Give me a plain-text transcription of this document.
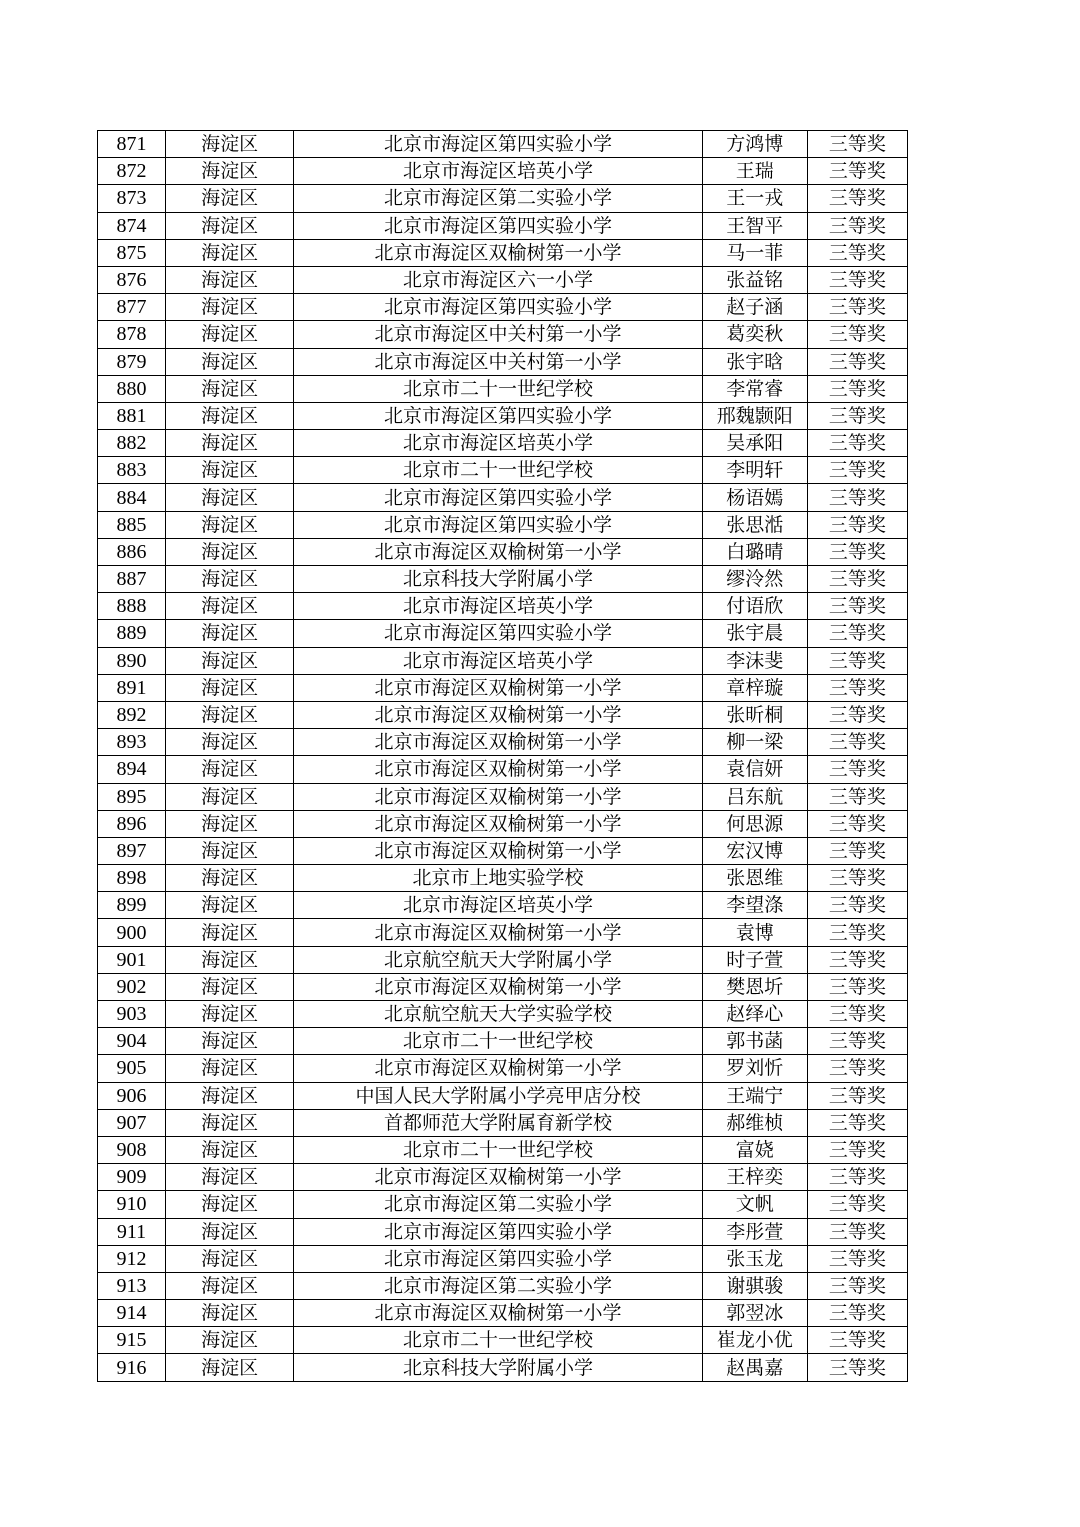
871	海淀区	北京市海淀区第四实验小学	方鸿博	三等奖
872	海淀区	北京市海淀区培英小学	王瑞	三等奖
873	海淀区	北京市海淀区第二实验小学	王一戎	三等奖
874	海淀区	北京市海淀区第四实验小学	王智平	三等奖
875	海淀区	北京市海淀区双榆树第一小学	马一菲	三等奖
876	海淀区	北京市海淀区六一小学	张益铭	三等奖
877	海淀区	北京市海淀区第四实验小学	赵子涵	三等奖
878	海淀区	北京市海淀区中关村第一小学	葛奕秋	三等奖
879	海淀区	北京市海淀区中关村第一小学	张宇晗	三等奖
880	海淀区	北京市二十一世纪学校	李常睿	三等奖
881	海淀区	北京市海淀区第四实验小学	邢魏颢阳	三等奖
882	海淀区	北京市海淀区培英小学	吴承阳	三等奖
883	海淀区	北京市二十一世纪学校	李明轩	三等奖
884	海淀区	北京市海淀区第四实验小学	杨语嫣	三等奖
885	海淀区	北京市海淀区第四实验小学	张思湉	三等奖
886	海淀区	北京市海淀区双榆树第一小学	白璐晴	三等奖
887	海淀区	北京科技大学附属小学	缪泠然	三等奖
888	海淀区	北京市海淀区培英小学	付语欣	三等奖
889	海淀区	北京市海淀区第四实验小学	张宇晨	三等奖
890	海淀区	北京市海淀区培英小学	李沫斐	三等奖
891	海淀区	北京市海淀区双榆树第一小学	章梓璇	三等奖
892	海淀区	北京市海淀区双榆树第一小学	张昕桐	三等奖
893	海淀区	北京市海淀区双榆树第一小学	柳一梁	三等奖
894	海淀区	北京市海淀区双榆树第一小学	袁信妍	三等奖
895	海淀区	北京市海淀区双榆树第一小学	吕东航	三等奖
896	海淀区	北京市海淀区双榆树第一小学	何思源	三等奖
897	海淀区	北京市海淀区双榆树第一小学	宏汉博	三等奖
898	海淀区	北京市上地实验学校	张恩维	三等奖
899	海淀区	北京市海淀区培英小学	李望涤	三等奖
900	海淀区	北京市海淀区双榆树第一小学	袁博	三等奖
901	海淀区	北京航空航天大学附属小学	时子萱	三等奖
902	海淀区	北京市海淀区双榆树第一小学	樊恩圻	三等奖
903	海淀区	北京航空航天大学实验学校	赵绎心	三等奖
904	海淀区	北京市二十一世纪学校	郭书菡	三等奖
905	海淀区	北京市海淀区双榆树第一小学	罗刘忻	三等奖
906	海淀区	中国人民大学附属小学亮甲店分校	王端宁	三等奖
907	海淀区	首都师范大学附属育新学校	郝维桢	三等奖
908	海淀区	北京市二十一世纪学校	富娆	三等奖
909	海淀区	北京市海淀区双榆树第一小学	王梓奕	三等奖
910	海淀区	北京市海淀区第二实验小学	文帆	三等奖
911	海淀区	北京市海淀区第四实验小学	李彤萱	三等奖
912	海淀区	北京市海淀区第四实验小学	张玉龙	三等奖
913	海淀区	北京市海淀区第二实验小学	谢骐骏	三等奖
914	海淀区	北京市海淀区双榆树第一小学	郭翌冰	三等奖
915	海淀区	北京市二十一世纪学校	崔龙小优	三等奖
916	海淀区	北京科技大学附属小学	赵禺嘉	三等奖
